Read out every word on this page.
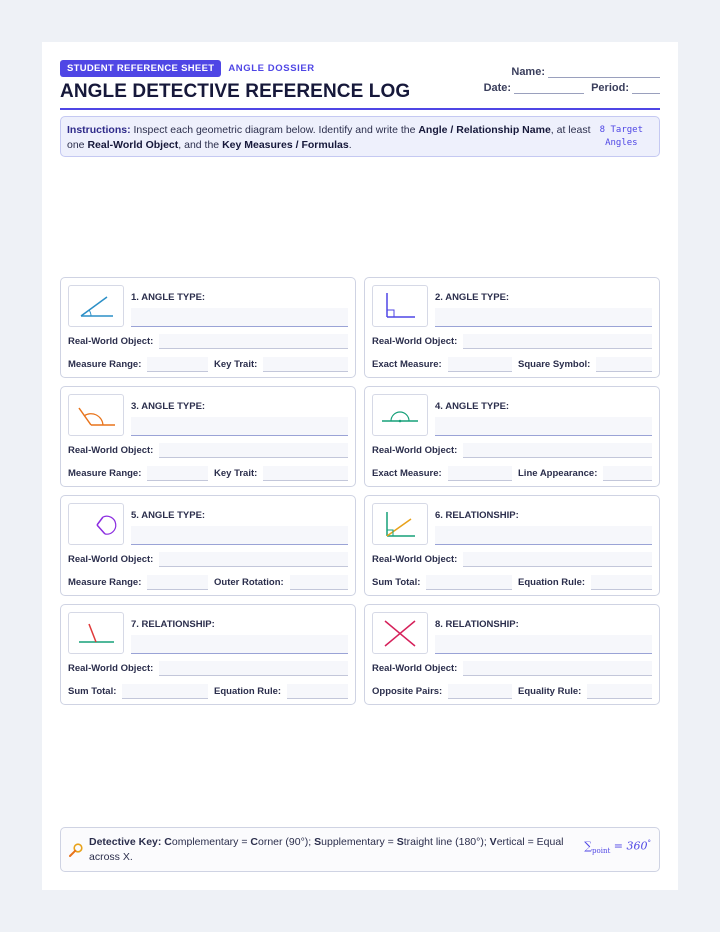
STUDENT REFERENCE SHEET	ANGLE DOSSIER
ANGLE DETECTIVE REFERENCE LOG
Name:
Date:	Period:
Instructions: Inspect each geometric diagram below. Identify and write the Angle / Relationship Name, at least one Real-World Object, and the Key Measures / Formulas.
8 Target
Angles
1. ANGLE TYPE:
Real-World Object:
Measure Range:	Key Trait:
2. ANGLE TYPE:
Real-World Object:
Exact Measure:	Square Symbol:
3. ANGLE TYPE:
Real-World Object:
Measure Range:	Key Trait:
4. ANGLE TYPE:
Real-World Object:
Exact Measure:	Line Appearance:
5. ANGLE TYPE:
Real-World Object:
Measure Range:	Outer Rotation:
6. RELATIONSHIP:
Real-World Object:
Sum Total:	Equation Rule:
7. RELATIONSHIP:
Real-World Object:
Sum Total:	Equation Rule:
8. RELATIONSHIP:
Real-World Object:
Opposite Pairs:	Equality Rule:
Detective Key: Complementary = Corner (90°); Supplementary = Straight line (180°); Vertical = Equal across X.
$\sum_{point} = 360^\circ$
